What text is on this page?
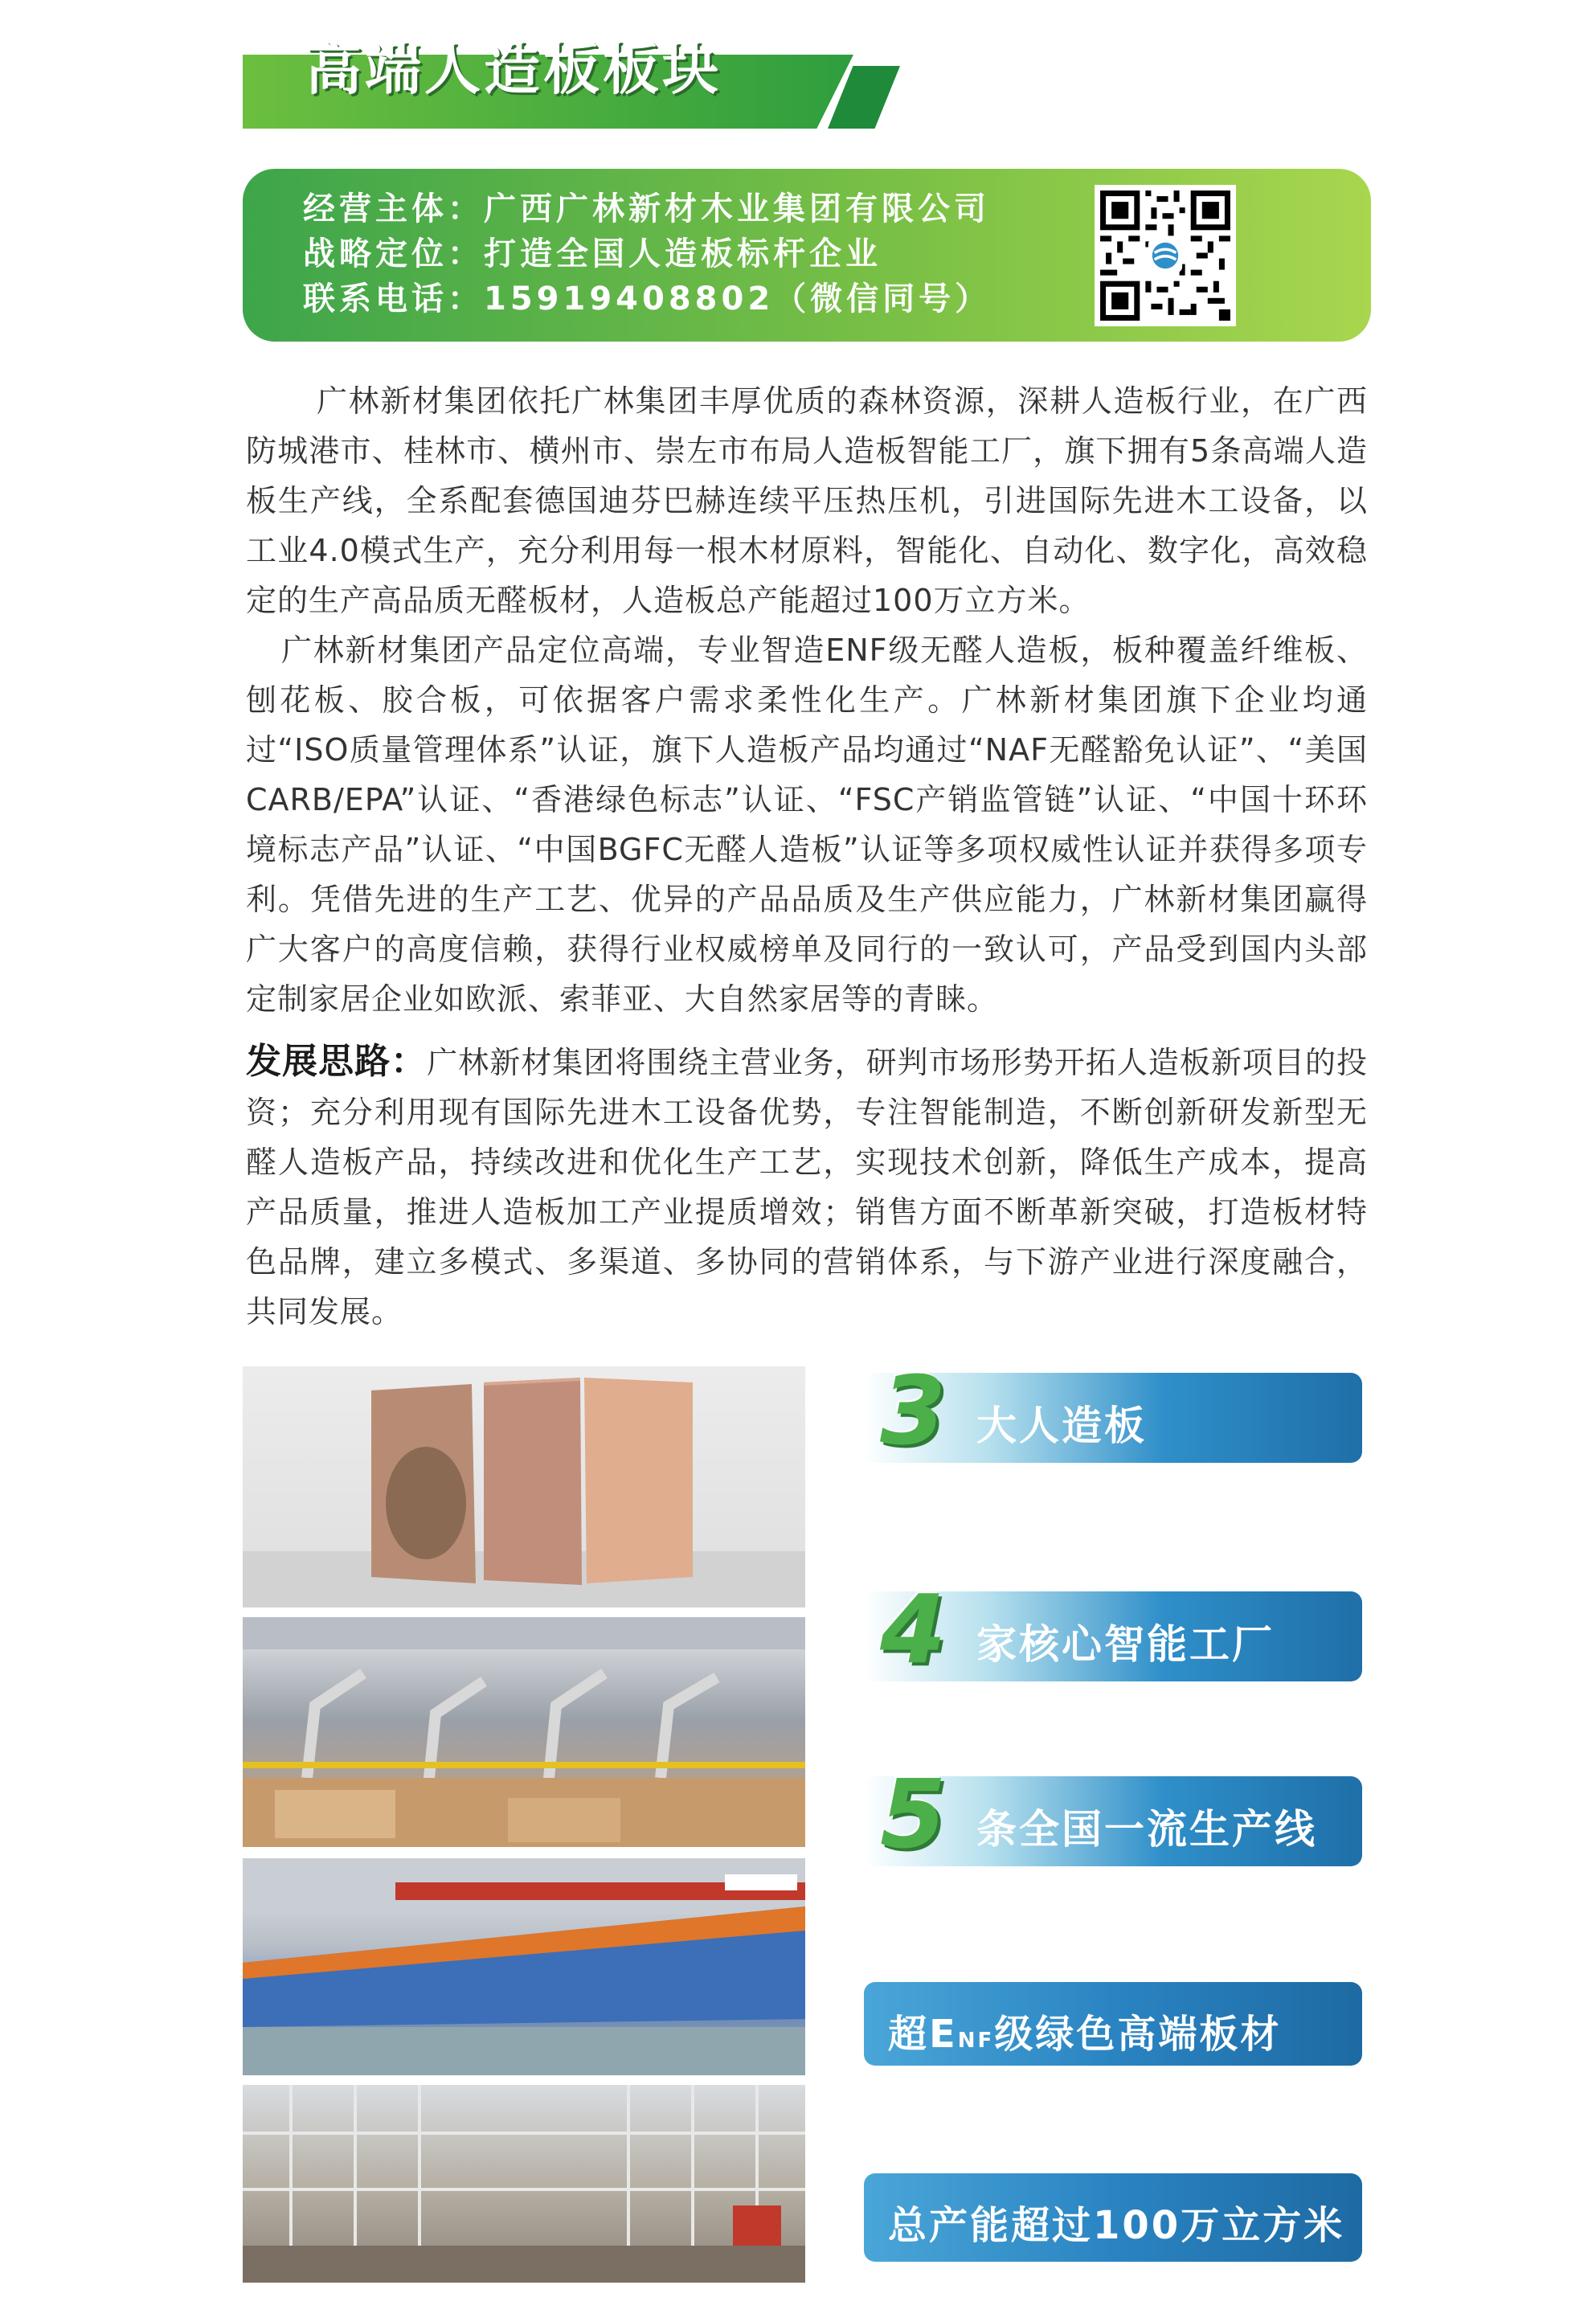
高端人造板板块
经营主体：广西广林新材木业集团有限公司
战略定位：打造全国人造板标杆企业
联系电话：15919408802（微信同号）

广林新材集团依托广林集团丰厚优质的森林资源，深耕人造板行业，在广西防城港市、桂林市、横州市、崇左市布局人造板智能工厂，旗下拥有5条高端人造板生产线，全系配套德国迪芬巴赫连续平压热压机，引进国际先进木工设备，以工业4.0模式生产，充分利用每一根木材原料，智能化、自动化、数字化，高效稳定的生产高品质无醛板材，人造板总产能超过100万立方米。

广林新材集团产品定位高端，专业智造ENF级无醛人造板，板种覆盖纤维板、刨花板、胶合板，可依据客户需求柔性化生产。广林新材集团旗下企业均通过“ISO质量管理体系”认证，旗下人造板产品均通过“NAF无醛豁免认证”、“美国CARB/EPA”认证、“香港绿色标志”认证、“FSC产销监管链”认证、“中国十环环境标志产品”认证、“中国BGFC无醛人造板”认证等多项权威性认证并获得多项专利。凭借先进的生产工艺、优异的产品品质及生产供应能力，广林新材集团赢得广大客户的高度信赖，获得行业权威榜单及同行的一致认可，产品受到国内头部定制家居企业如欧派、索菲亚、大自然家居等的青睐。

发展思路：广林新材集团将围绕主营业务，研判市场形势开拓人造板新项目的投资；充分利用现有国际先进木工设备优势，专注智能制造，不断创新研发新型无醛人造板产品，持续改进和优化生产工艺，实现技术创新，降低生产成本，提高产品质量，推进人造板加工产业提质增效；销售方面不断革新突破，打造板材特色品牌，建立多模式、多渠道、多协同的营销体系，与下游产业进行深度融合，共同发展。

3 大人造板
4 家核心智能工厂
5 条全国一流生产线
超ENF级绿色高端板材
总产能超过100万立方米
